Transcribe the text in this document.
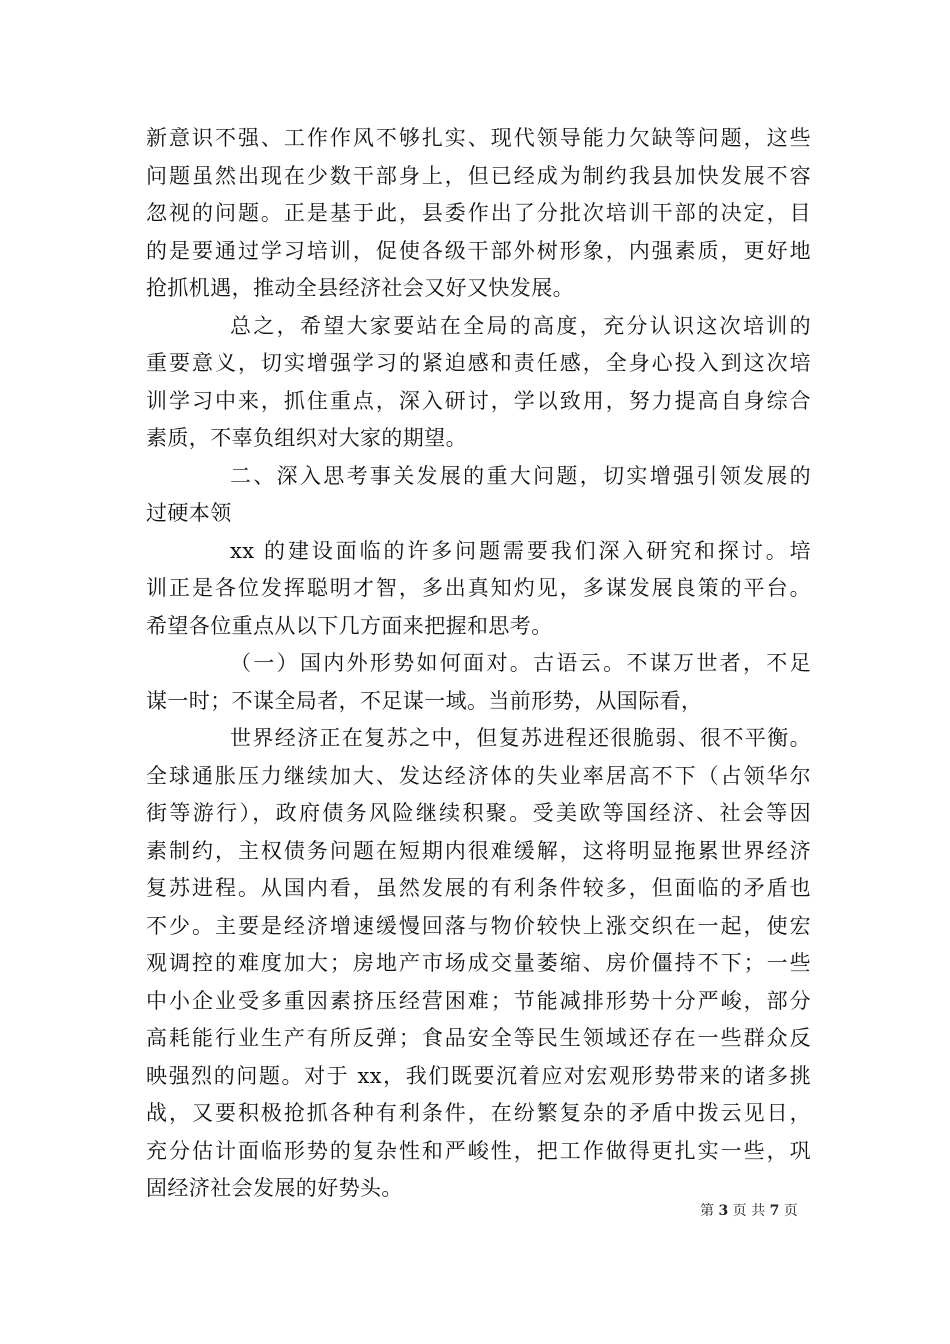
新意识不强、工作作风不够扎实、现代领导能力欠缺等问题，这些
问题虽然出现在少数干部身上，但已经成为制约我县加快发展不容
忽视的问题。正是基于此，县委作出了分批次培训干部的决定，目
的是要通过学习培训，促使各级干部外树形象，内强素质，更好地
抢抓机遇，推动全县经济社会又好又快发展。
总之，希望大家要站在全局的高度，充分认识这次培训的
重要意义，切实增强学习的紧迫感和责任感，全身心投入到这次培
训学习中来，抓住重点，深入研讨，学以致用，努力提高自身综合
素质，不辜负组织对大家的期望。
二、深入思考事关发展的重大问题，切实增强引领发展的
过硬本领
xx 的建设面临的许多问题需要我们深入研究和探讨。培
训正是各位发挥聪明才智，多出真知灼见，多谋发展良策的平台。
希望各位重点从以下几方面来把握和思考。
（一）国内外形势如何面对。古语云。不谋万世者，不足
谋一时；不谋全局者，不足谋一域。当前形势，从国际看，
世界经济正在复苏之中，但复苏进程还很脆弱、很不平衡。
全球通胀压力继续加大、发达经济体的失业率居高不下（占领华尔
街等游行），政府债务风险继续积聚。受美欧等国经济、社会等因
素制约，主权债务问题在短期内很难缓解，这将明显拖累世界经济
复苏进程。从国内看，虽然发展的有利条件较多，但面临的矛盾也
不少。主要是经济增速缓慢回落与物价较快上涨交织在一起，使宏
观调控的难度加大；房地产市场成交量萎缩、房价僵持不下；一些
中小企业受多重因素挤压经营困难；节能减排形势十分严峻，部分
高耗能行业生产有所反弹；食品安全等民生领域还存在一些群众反
映强烈的问题。对于 xx，我们既要沉着应对宏观形势带来的诸多挑
战，又要积极抢抓各种有利条件，在纷繁复杂的矛盾中拨云见日，
充分估计面临形势的复杂性和严峻性，把工作做得更扎实一些，巩
固经济社会发展的好势头。
第 3 页 共 7 页
